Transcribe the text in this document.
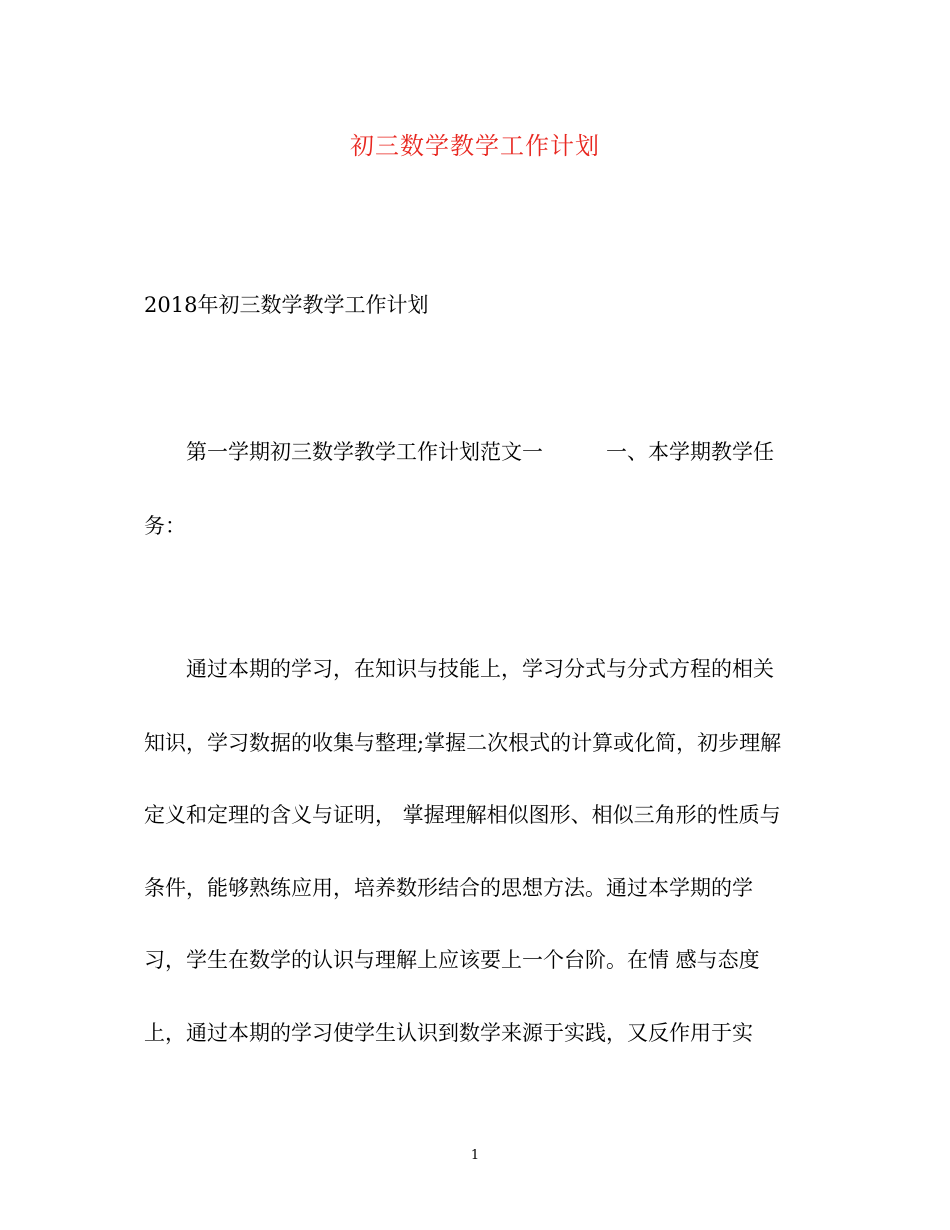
初三数学教学工作计划
2018年初三数学教学工作计划
第一学期初三数学教学工作计划范文一　　　一、本学期教学任
务：
通过本期的学习，在知识与技能上，学习分式与分式方程的相关
知识，学习数据的收集与整理;掌握二次根式的计算或化简，初步理解
定义和定理的含义与证明， 掌握理解相似图形、相似三角形的性质与
条件，能够熟练应用，培养数形结合的思想方法。通过本学期的学
习，学生在数学的认识与理解上应该要上一个台阶。在情 感与态度
上，通过本期的学习使学生认识到数学来源于实践，又反作用于实
1
